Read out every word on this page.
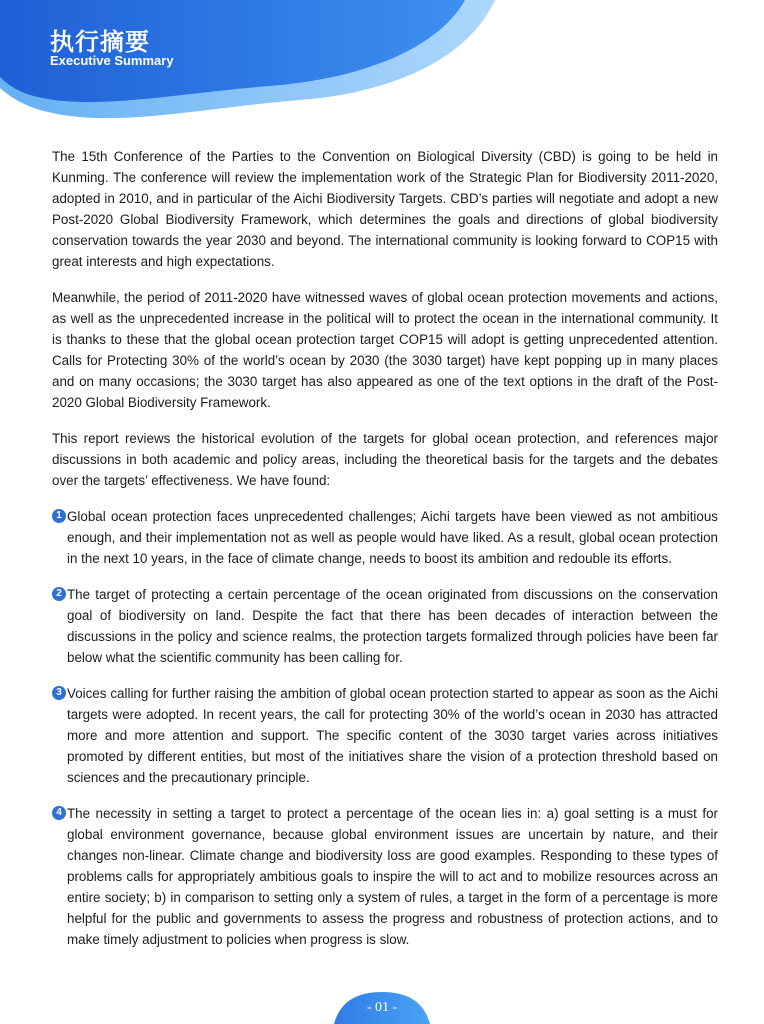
执行摘要
Executive Summary

The 15th Conference of the Parties to the Convention on Biological Diversity (CBD) is going to be held in Kunming. The conference will review the implementation work of the Strategic Plan for Biodiversity 2011-2020, adopted in 2010, and in particular of the Aichi Biodiversity Targets. CBD’s parties will negotiate and adopt a new Post-2020 Global Biodiversity Framework, which determines the goals and directions of global biodiversity conservation towards the year 2030 and beyond. The international community is looking forward to COP15 with great interests and high expectations.

Meanwhile, the period of 2011-2020 have witnessed waves of global ocean protection movements and actions, as well as the unprecedented increase in the political will to protect the ocean in the international community. It is thanks to these that the global ocean protection target COP15 will adopt is getting unprecedented attention. Calls for Protecting 30% of the world’s ocean by 2030 (the 3030 target) have kept popping up in many places and on many occasions; the 3030 target has also appeared as one of the text options in the draft of the Post-2020 Global Biodiversity Framework.

This report reviews the historical evolution of the targets for global ocean protection, and references major discussions in both academic and policy areas, including the theoretical basis for the targets and the debates over the targets’ effectiveness. We have found:

1 Global ocean protection faces unprecedented challenges; Aichi targets have been viewed as not ambitious enough, and their implementation not as well as people would have liked. As a result, global ocean protection in the next 10 years, in the face of climate change, needs to boost its ambition and redouble its efforts.
2 The target of protecting a certain percentage of the ocean originated from discussions on the conservation goal of biodiversity on land. Despite the fact that there has been decades of interaction between the discussions in the policy and science realms, the protection targets formalized through policies have been far below what the scientific community has been calling for.
3 Voices calling for further raising the ambition of global ocean protection started to appear as soon as the Aichi targets were adopted. In recent years, the call for protecting 30% of the world’s ocean in 2030 has attracted more and more attention and support. The specific content of the 3030 target varies across initiatives promoted by different entities, but most of the initiatives share the vision of a protection threshold based on sciences and the precautionary principle.
4 The necessity in setting a target to protect a percentage of the ocean lies in: a) goal setting is a must for global environment governance, because global environment issues are uncertain by nature, and their changes non-linear. Climate change and biodiversity loss are good examples. Responding to these types of problems calls for appropriately ambitious goals to inspire the will to act and to mobilize resources across an entire society; b) in comparison to setting only a system of rules, a target in the form of a percentage is more helpful for the public and governments to assess the progress and robustness of protection actions, and to make timely adjustment to policies when progress is slow.
- 01 -
